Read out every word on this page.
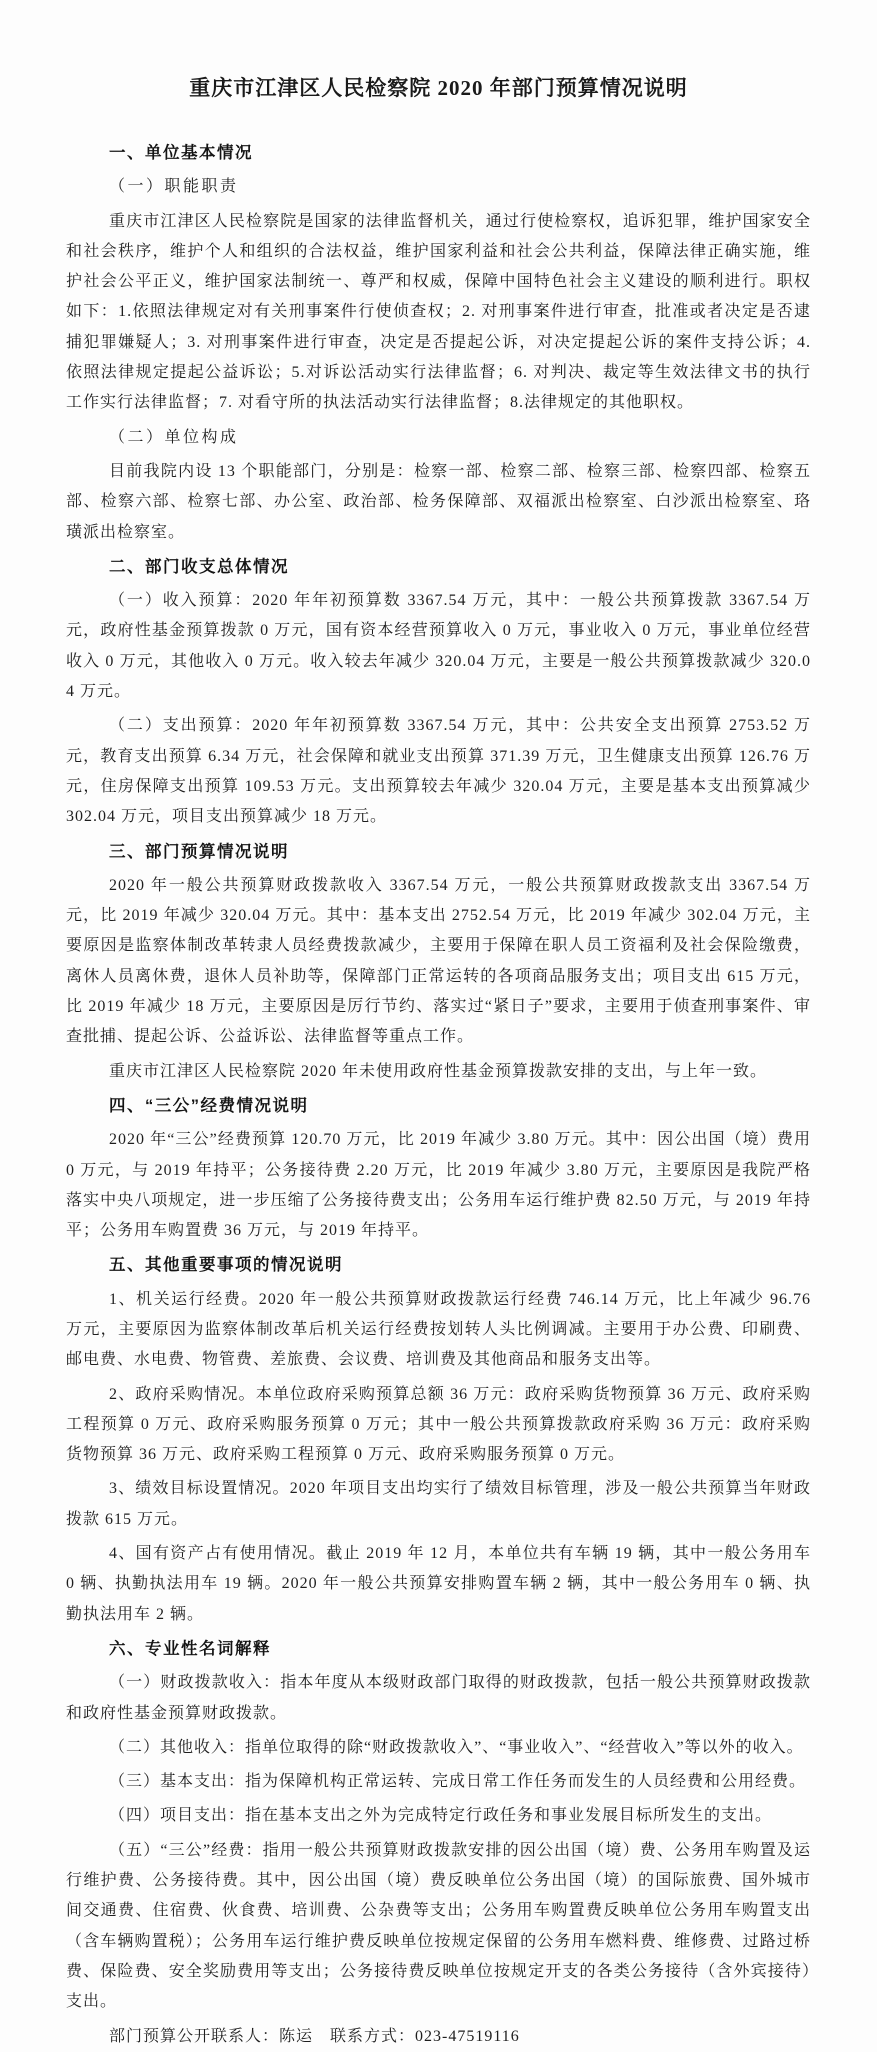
重庆市江津区人民检察院 2020 年部门预算情况说明
一、单位基本情况

（一）职能职责

重庆市江津区人民检察院是国家的法律监督机关，通过行使检察权，追诉犯罪，维护国家安全和社会秩序，维护个人和组织的合法权益，维护国家利益和社会公共利益，保障法律正确实施，维护社会公平正义，维护国家法制统一、尊严和权威，保障中国特色社会主义建设的顺利进行。职权如下：1.依照法律规定对有关刑事案件行使侦查权；2. 对刑事案件进行审查，批准或者决定是否逮捕犯罪嫌疑人；3. 对刑事案件进行审查，决定是否提起公诉，对决定提起公诉的案件支持公诉；4.依照法律规定提起公益诉讼；5.对诉讼活动实行法律监督；6. 对判决、裁定等生效法律文书的执行工作实行法律监督；7. 对看守所的执法活动实行法律监督；8.法律规定的其他职权。

（二）单位构成

目前我院内设 13 个职能部门，分别是：检察一部、检察二部、检察三部、检察四部、检察五部、检察六部、检察七部、办公室、政治部、检务保障部、双福派出检察室、白沙派出检察室、珞璜派出检察室。

二、部门收支总体情况

（一）收入预算：2020 年年初预算数 3367.54 万元，其中：一般公共预算拨款 3367.54 万元，政府性基金预算拨款 0 万元，国有资本经营预算收入 0 万元，事业收入 0 万元，事业单位经营收入 0 万元，其他收入 0 万元。收入较去年减少 320.04 万元，主要是一般公共预算拨款减少 320.04 万元。

（二）支出预算：2020 年年初预算数 3367.54 万元，其中：公共安全支出预算 2753.52 万元，教育支出预算 6.34 万元，社会保障和就业支出预算 371.39 万元，卫生健康支出预算 126.76 万元，住房保障支出预算 109.53 万元。支出预算较去年减少 320.04 万元，主要是基本支出预算减少 302.04 万元，项目支出预算减少 18 万元。

三、部门预算情况说明

2020 年一般公共预算财政拨款收入 3367.54 万元，一般公共预算财政拨款支出 3367.54 万元，比 2019 年减少 320.04 万元。其中：基本支出 2752.54 万元，比 2019 年减少 302.04 万元，主要原因是监察体制改革转隶人员经费拨款减少，主要用于保障在职人员工资福利及社会保险缴费，离休人员离休费，退休人员补助等，保障部门正常运转的各项商品服务支出；项目支出 615 万元，比 2019 年减少 18 万元，主要原因是厉行节约、落实过“紧日子”要求，主要用于侦查刑事案件、审查批捕、提起公诉、公益诉讼、法律监督等重点工作。

重庆市江津区人民检察院 2020 年未使用政府性基金预算拨款安排的支出，与上年一致。

四、“三公”经费情况说明

2020 年“三公”经费预算 120.70 万元，比 2019 年减少 3.80 万元。其中：因公出国（境）费用 0 万元，与 2019 年持平；公务接待费 2.20 万元，比 2019 年减少 3.80 万元，主要原因是我院严格落实中央八项规定，进一步压缩了公务接待费支出；公务用车运行维护费 82.50 万元，与 2019 年持平；公务用车购置费 36 万元，与 2019 年持平。

五、其他重要事项的情况说明

1、机关运行经费。2020 年一般公共预算财政拨款运行经费 746.14 万元，比上年减少 96.76 万元，主要原因为监察体制改革后机关运行经费按划转人头比例调减。主要用于办公费、印刷费、邮电费、水电费、物管费、差旅费、会议费、培训费及其他商品和服务支出等。

2、政府采购情况。本单位政府采购预算总额 36 万元：政府采购货物预算 36 万元、政府采购工程预算 0 万元、政府采购服务预算 0 万元；其中一般公共预算拨款政府采购 36 万元：政府采购货物预算 36 万元、政府采购工程预算 0 万元、政府采购服务预算 0 万元。

3、绩效目标设置情况。2020 年项目支出均实行了绩效目标管理，涉及一般公共预算当年财政拨款 615 万元。

4、国有资产占有使用情况。截止 2019 年 12 月，本单位共有车辆 19 辆，其中一般公务用车 0 辆、执勤执法用车 19 辆。2020 年一般公共预算安排购置车辆 2 辆，其中一般公务用车 0 辆、执勤执法用车 2 辆。

六、专业性名词解释

（一）财政拨款收入：指本年度从本级财政部门取得的财政拨款，包括一般公共预算财政拨款和政府性基金预算财政拨款。

（二）其他收入：指单位取得的除“财政拨款收入”、“事业收入”、“经营收入”等以外的收入。

（三）基本支出：指为保障机构正常运转、完成日常工作任务而发生的人员经费和公用经费。

（四）项目支出：指在基本支出之外为完成特定行政任务和事业发展目标所发生的支出。

（五）“三公”经费：指用一般公共预算财政拨款安排的因公出国（境）费、公务用车购置及运行维护费、公务接待费。其中，因公出国（境）费反映单位公务出国（境）的国际旅费、国外城市间交通费、住宿费、伙食费、培训费、公杂费等支出；公务用车购置费反映单位公务用车购置支出（含车辆购置税）；公务用车运行维护费反映单位按规定保留的公务用车燃料费、维修费、过路过桥费、保险费、安全奖励费用等支出；公务接待费反映单位按规定开支的各类公务接待（含外宾接待）支出。

部门预算公开联系人：陈运　联系方式：023-47519116
